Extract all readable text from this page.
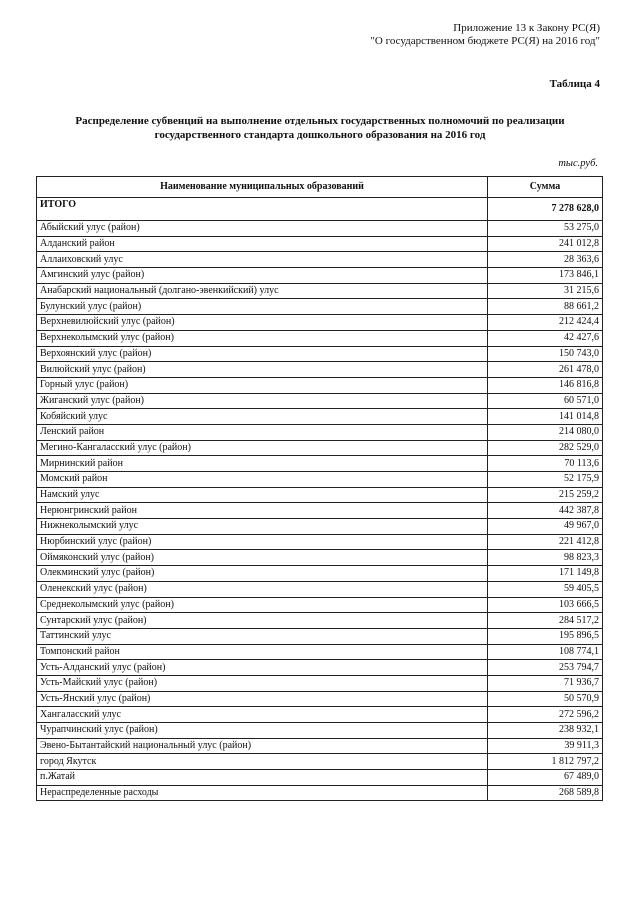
Приложение 13 к Закону РС(Я)
"О государственном бюджете РС(Я) на 2016 год"
Таблица 4
Распределение субвенций на выполнение отдельных государственных полномочий по реализации
государственного стандарта дошкольного образования на 2016 год
тыс.руб.
Наименование муниципальных образований	Сумма
ИТОГО	7 278 628,0
Абыйский улус (район)	53 275,0
Алданский район	241 012,8
Аллаиховский улус	28 363,6
Амгинский улус (район)	173 846,1
Анабарский национальный (долгано-эвенкийский) улус	31 215,6
Булунский улус (район)	88 661,2
Верхневилюйский улус (район)	212 424,4
Верхнеколымский улус (район)	42 427,6
Верхоянский улус (район)	150 743,0
Вилюйский улус (район)	261 478,0
Горный улус (район)	146 816,8
Жиганский улус (район)	60 571,0
Кобяйский улус	141 014,8
Ленский район	214 080,0
Мегино-Кангаласский улус (район)	282 529,0
Мирнинский район	70 113,6
Момский район	52 175,9
Намский улус	215 259,2
Нерюнгринский район	442 387,8
Нижнеколымский улус	49 967,0
Нюрбинский улус (район)	221 412,8
Оймяконский улус (район)	98 823,3
Олекминский улус (район)	171 149,8
Оленекский улус (район)	59 405,5
Среднеколымский улус (район)	103 666,5
Сунтарский улус (район)	284 517,2
Таттинский улус	195 896,5
Томпонский район	108 774,1
Усть-Алданский улус (район)	253 794,7
Усть-Майский улус (район)	71 936,7
Усть-Янский улус (район)	50 570,9
Хангаласский улус	272 596,2
Чурапчинский улус (район)	238 932,1
Эвено-Бытантайский национальный улус (район)	39 911,3
город Якутск	1 812 797,2
п.Жатай	67 489,0
Нераспределенные расходы	268 589,8
